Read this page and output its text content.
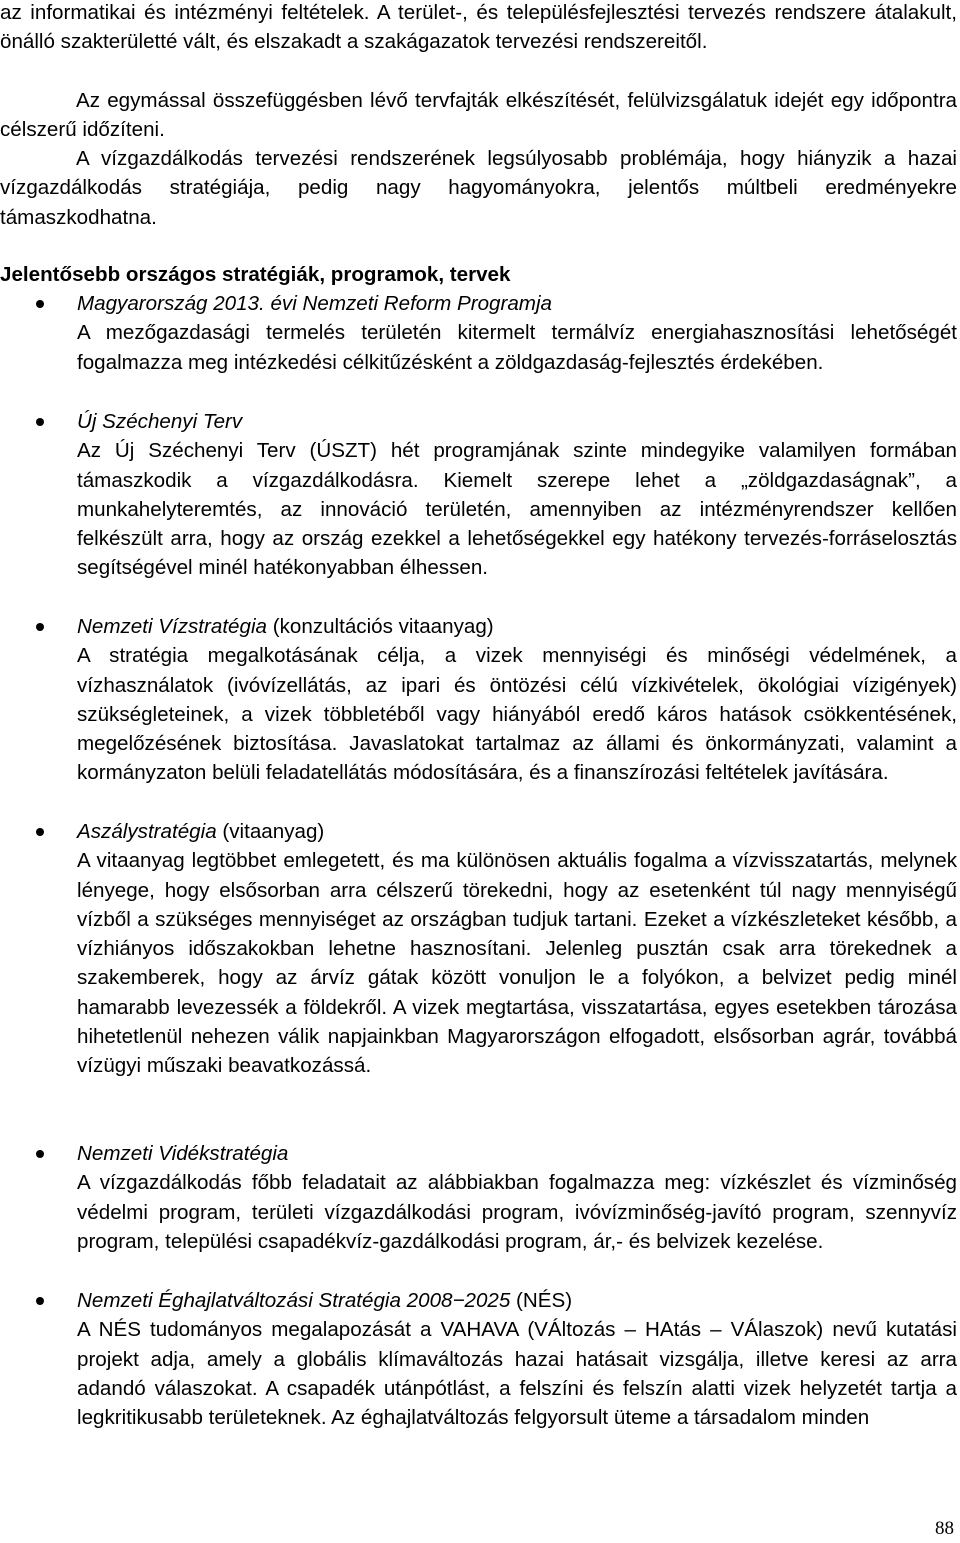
az informatikai és intézményi feltételek. A terület-, és településfejlesztési tervezés rendszere átalakult, önálló szakterületté vált, és elszakadt a szakágazatok tervezési rendszereitől.

Az egymással összefüggésben lévő tervfajták elkészítését, felülvizsgálatuk idejét egy időpontra célszerű időzíteni.

A vízgazdálkodás tervezési rendszerének legsúlyosabb problémája, hogy hiányzik a hazai vízgazdálkodás stratégiája, pedig nagy hagyományokra, jelentős múltbeli eredményekre támaszkodhatna.

Jelentősebb országos stratégiák, programok, tervek
Magyarország 2013. évi Nemzeti Reform Programja
A mezőgazdasági termelés területén kitermelt termálvíz energiahasznosítási lehetőségét fogalmazza meg intézkedési célkitűzésként a zöldgazdaság-fejlesztés érdekében.
Új Széchenyi Terv
Az Új Széchenyi Terv (ÚSZT) hét programjának szinte mindegyike valamilyen formában támaszkodik a vízgazdálkodásra. Kiemelt szerepe lehet a „zöldgazdaságnak”, a munkahelyteremtés, az innováció területén, amennyiben az intézményrendszer kellően felkészült arra, hogy az ország ezekkel a lehetőségekkel egy hatékony tervezés-forráselosztás segítségével minél hatékonyabban élhessen.
Nemzeti Vízstratégia (konzultációs vitaanyag)
A stratégia megalkotásának célja, a vizek mennyiségi és minőségi védelmének, a vízhasználatok (ivóvízellátás, az ipari és öntözési célú vízkivételek, ökológiai vízigények) szükségleteinek, a vizek többletéből vagy hiányából eredő káros hatások csökkentésének, megelőzésének biztosítása. Javaslatokat tartalmaz az állami és önkormányzati, valamint a kormányzaton belüli feladatellátás módosítására, és a finanszírozási feltételek javítására.
Aszálystratégia (vitaanyag)
A vitaanyag legtöbbet emlegetett, és ma különösen aktuális fogalma a vízvisszatartás, melynek lényege, hogy elsősorban arra célszerű törekedni, hogy az esetenként túl nagy mennyiségű vízből a szükséges mennyiséget az országban tudjuk tartani. Ezeket a vízkészleteket később, a vízhiányos időszakokban lehetne hasznosítani. Jelenleg pusztán csak arra törekednek a szakemberek, hogy az árvíz gátak között vonuljon le a folyókon, a belvizet pedig minél hamarabb levezessék a földekről. A vizek megtartása, visszatartása, egyes esetekben tározása hihetetlenül nehezen válik napjainkban Magyarországon elfogadott, elsősorban agrár, továbbá vízügyi műszaki beavatkozássá.
Nemzeti Vidékstratégia
A vízgazdálkodás főbb feladatait az alábbiakban fogalmazza meg: vízkészlet és vízminőség védelmi program, területi vízgazdálkodási program, ivóvízminőség-javító program, szennyvíz program, települési csapadékvíz-gazdálkodási program, ár,- és belvizek kezelése.
Nemzeti Éghajlatváltozási Stratégia 2008−2025 (NÉS)
A NÉS tudományos megalapozását a VAHAVA (VÁltozás – HAtás – VÁlaszok) nevű kutatási projekt adja, amely a globális klímaváltozás hazai hatásait vizsgálja, illetve keresi az arra adandó válaszokat. A csapadék utánpótlást, a felszíni és felszín alatti vizek helyzetét tartja a legkritikusabb területeknek. Az éghajlatváltozás felgyorsult üteme a társadalom minden
88
